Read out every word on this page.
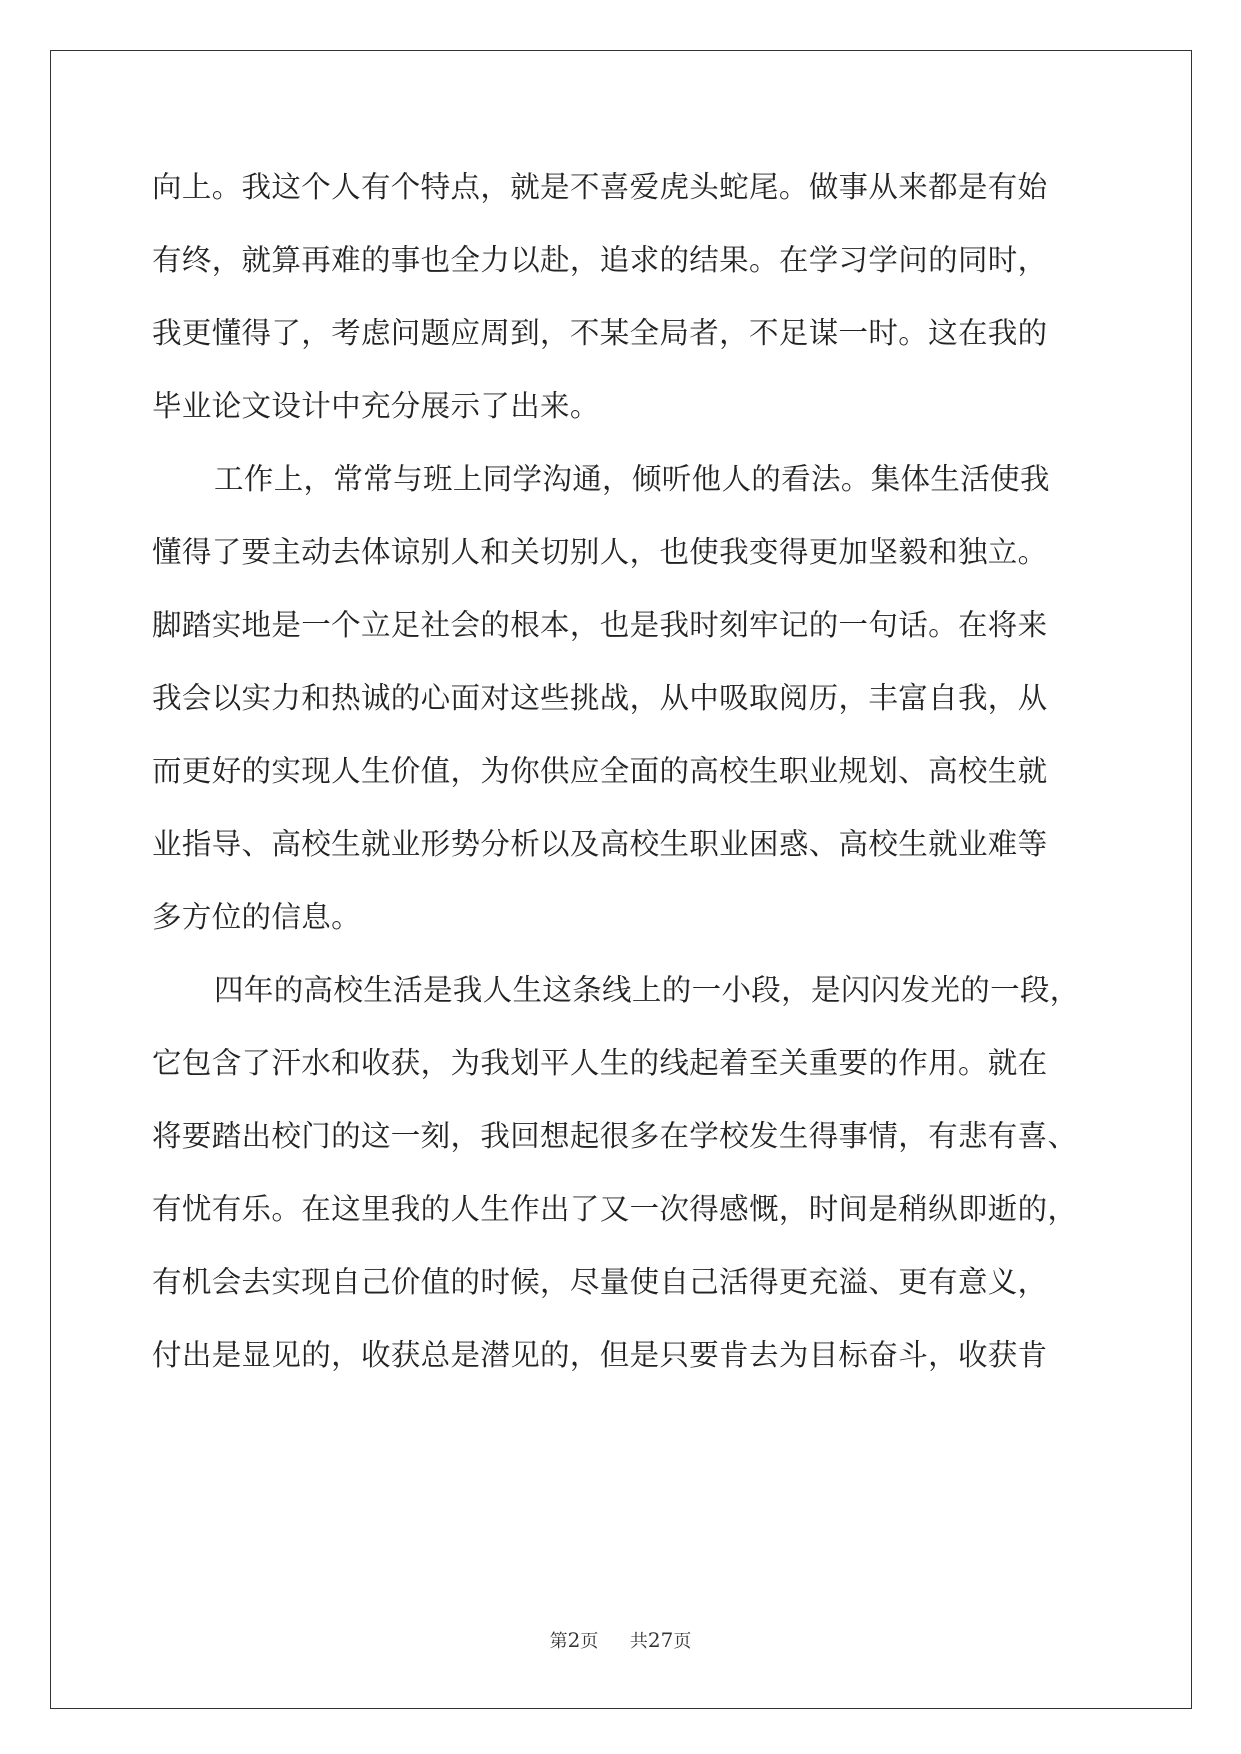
向上。我这个人有个特点，就是不喜爱虎头蛇尾。做事从来都是有始
有终，就算再难的事也全力以赴，追求的结果。在学习学问的同时，
我更懂得了，考虑问题应周到，不某全局者，不足谋一时。这在我的
毕业论文设计中充分展示了出来。
工作上，常常与班上同学沟通，倾听他人的看法。集体生活使我
懂得了要主动去体谅别人和关切别人，也使我变得更加坚毅和独立。
脚踏实地是一个立足社会的根本，也是我时刻牢记的一句话。在将来
我会以实力和热诚的心面对这些挑战，从中吸取阅历，丰富自我，从
而更好的实现人生价值，为你供应全面的高校生职业规划、高校生就
业指导、高校生就业形势分析以及高校生职业困惑、高校生就业难等
多方位的信息。
四年的高校生活是我人生这条线上的一小段，是闪闪发光的一段，
它包含了汗水和收获，为我划平人生的线起着至关重要的作用。就在
将要踏出校门的这一刻，我回想起很多在学校发生得事情，有悲有喜、
有忧有乐。在这里我的人生作出了又一次得感慨，时间是稍纵即逝的，
有机会去实现自己价值的时候，尽量使自己活得更充溢、更有意义，
付出是显见的，收获总是潜见的，但是只要肯去为目标奋斗，收获肯
第2页 共27页
